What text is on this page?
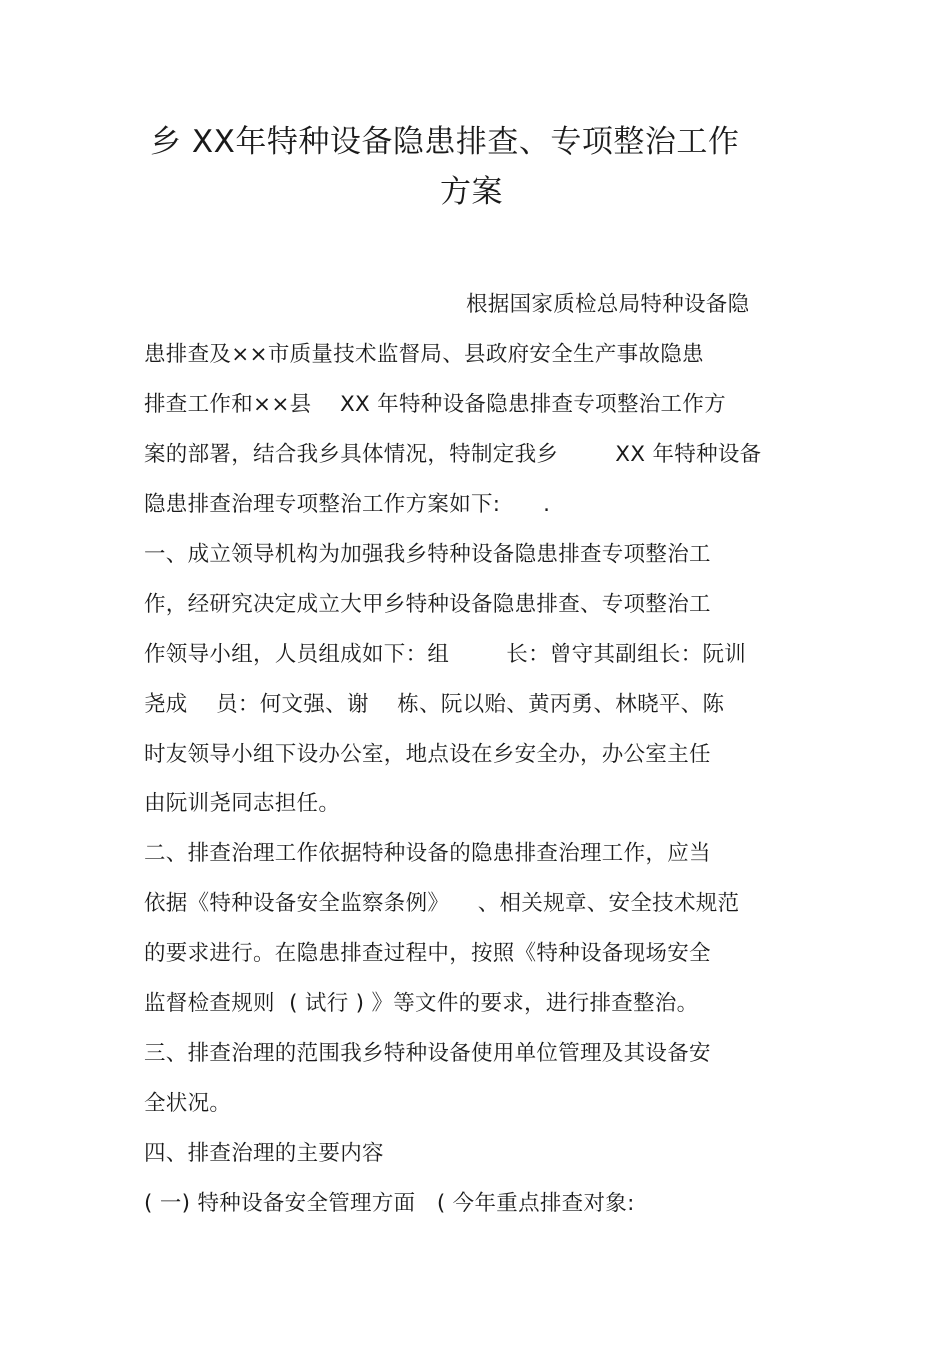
乡 XX年特种设备隐患排查、专项整治工作
方案
根据国家质检总局特种设备隐
患排查及××市质量技术监督局、县政府安全生产事故隐患
排查工作和××县    XX 年特种设备隐患排查专项整治工作方
案的部署，结合我乡具体情况，特制定我乡        XX 年特种设备
隐患排查治理专项整治工作方案如下:      .
一、成立领导机构为加强我乡特种设备隐患排查专项整治工
作，经研究决定成立大甲乡特种设备隐患排查、专项整治工
作领导小组，人员组成如下：组        长：曾守其副组长：阮训
尧成    员：何文强、谢    栋、阮以贻、黄丙勇、林晓平、陈
时友领导小组下设办公室，地点设在乡安全办，办公室主任
由阮训尧同志担任。
二、排查治理工作依据特种设备的隐患排查治理工作，应当
依据《特种设备安全监察条例》    、相关规章、安全技术规范
的要求进行。在隐患排查过程中，按照《特种设备现场安全
监督检查规则  ( 试行 ) 》等文件的要求，进行排查整治。
三、排查治理的范围我乡特种设备使用单位管理及其设备安
全状况。
四、排查治理的主要内容
( 一) 特种设备安全管理方面   ( 今年重点排查对象:
